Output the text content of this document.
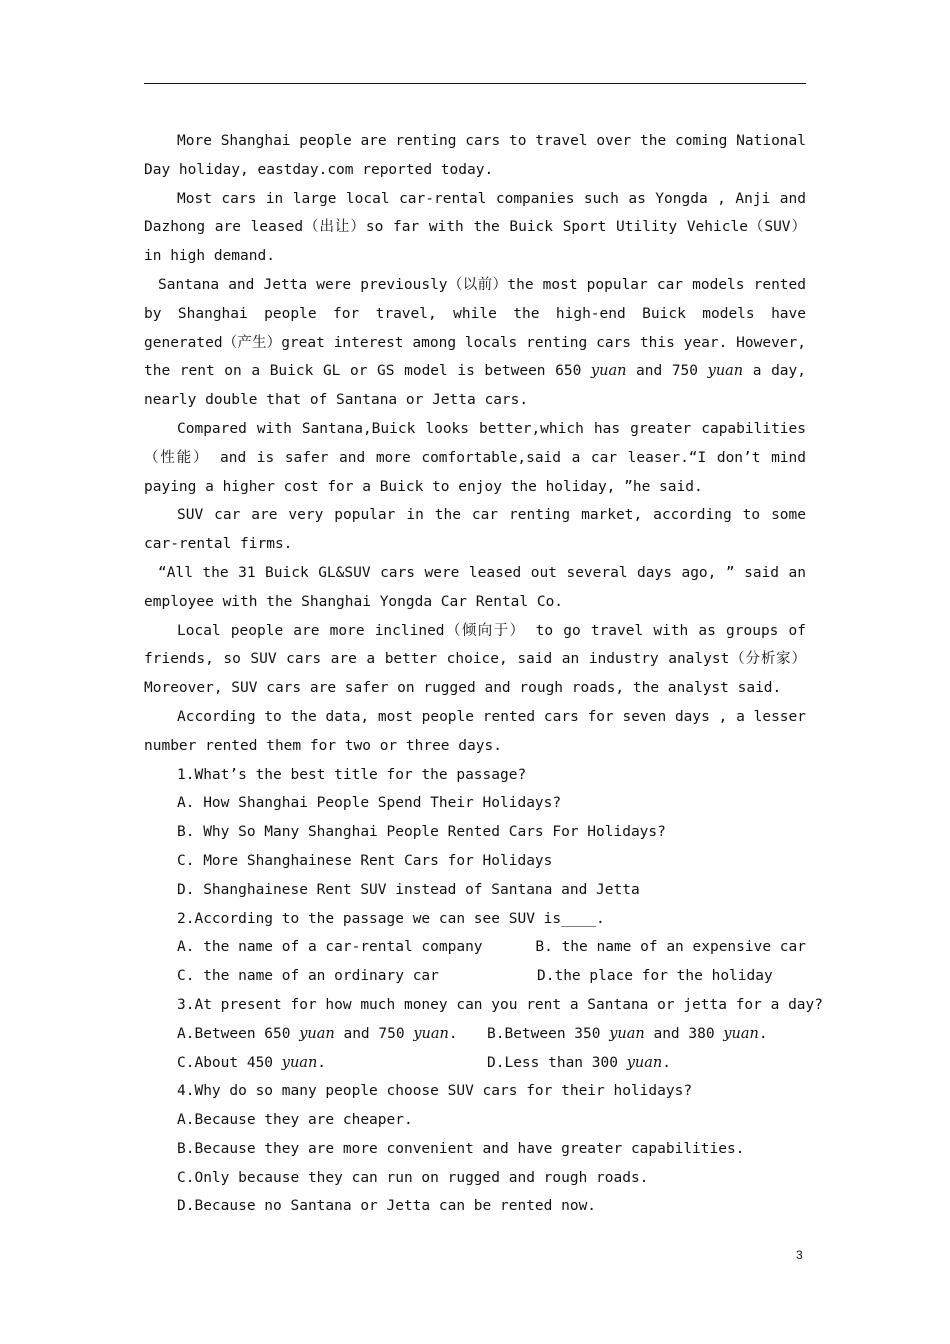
More Shanghai people are renting cars to travel over the coming National Day holiday, eastday.com reported today.

Most cars in large local car-rental companies such as Yongda , Anji and Dazhong are leased（出让）so far with the Buick Sport Utility Vehicle（SUV） in high demand.

Santana and Jetta were previously（以前）the most popular car models rented by Shanghai people for travel, while the high-end Buick models have generated（产生）great interest among locals renting cars this year. However, the rent on a Buick GL or GS model is between 650 yuan and 750 yuan a day, nearly double that of Santana or Jetta cars.

Compared with Santana,Buick looks better,which has greater capabilities（性能） and is safer and more comfortable,said a car leaser.“I don’t mind paying a higher cost for a Buick to enjoy the holiday, ”he said.

SUV car are very popular in the car renting market, according to some car-rental firms.

“All the 31 Buick GL&SUV cars were leased out several days ago, ” said an employee with the Shanghai Yongda Car Rental Co.

Local people are more inclined（倾向于） to go travel with as groups of friends, so SUV cars are a better choice, said an industry analyst（分析家）Moreover, SUV cars are safer on rugged and rough roads, the analyst said.

According to the data, most people rented cars for seven days , a lesser number rented them for two or three days.

1.What’s the best title for the passage?

A. How Shanghai People Spend Their Holidays?

B. Why So Many Shanghai People Rented Cars For Holidays?

C. More Shanghainese Rent Cars for Holidays

D. Shanghainese Rent SUV instead of Santana and Jetta

2.According to the passage we can see SUV is____.

A. the name of a car-rental company	B. the name of an expensive car
C. the name of an ordinary car	D.the place for the holiday

3.At present for how much money can you rent a Santana or jetta for a day?

A.Between 650 yuan and 750 yuan.	B.Between 350 yuan and 380 yuan.
C.About 450 yuan.	D.Less than 300 yuan.

4.Why do so many people choose SUV cars for their holidays?

A.Because they are cheaper.

B.Because they are more convenient and have greater capabilities.

C.Only because they can run on rugged and rough roads.

D.Because no Santana or Jetta can be rented now.

3
